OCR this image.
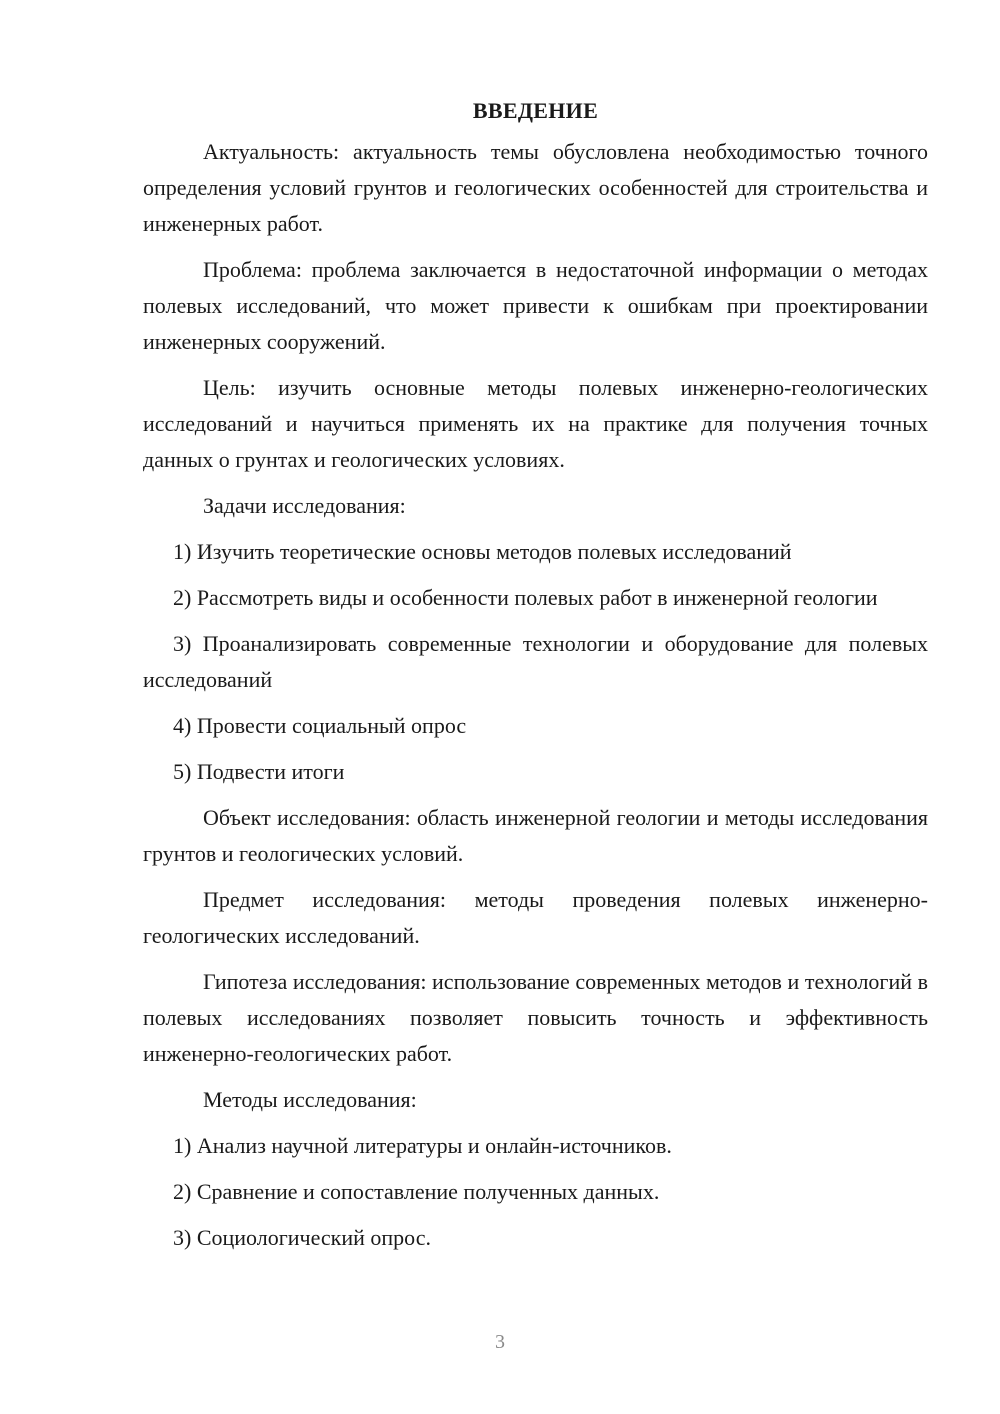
ВВЕДЕНИЕ

Актуальность: актуальность темы обусловлена необходимостью точного определения условий грунтов и геологических особенностей для строительства и инженерных работ.

Проблема: проблема заключается в недостаточной информации о методах полевых исследований, что может привести к ошибкам при проектировании инженерных сооружений.

Цель: изучить основные методы полевых инженерно-геологических исследований и научиться применять их на практике для получения точных данных о грунтах и геологических условиях.

Задачи исследования:

1) Изучить теоретические основы методов полевых исследований

2) Рассмотреть виды и особенности полевых работ в инженерной геологии

3) Проанализировать современные технологии и оборудование для полевых исследований

4) Провести социальный опрос

5) Подвести итоги

Объект исследования: область инженерной геологии и методы исследования грунтов и геологических условий.

Предмет исследования: методы проведения полевых инженерно-геологических исследований.

Гипотеза исследования: использование современных методов и технологий в полевых исследованиях позволяет повысить точность и эффективность инженерно-геологических работ.

Методы исследования:

1) Анализ научной литературы и онлайн-источников.

2) Сравнение и сопоставление полученных данных.

3) Социологический опрос.

3
